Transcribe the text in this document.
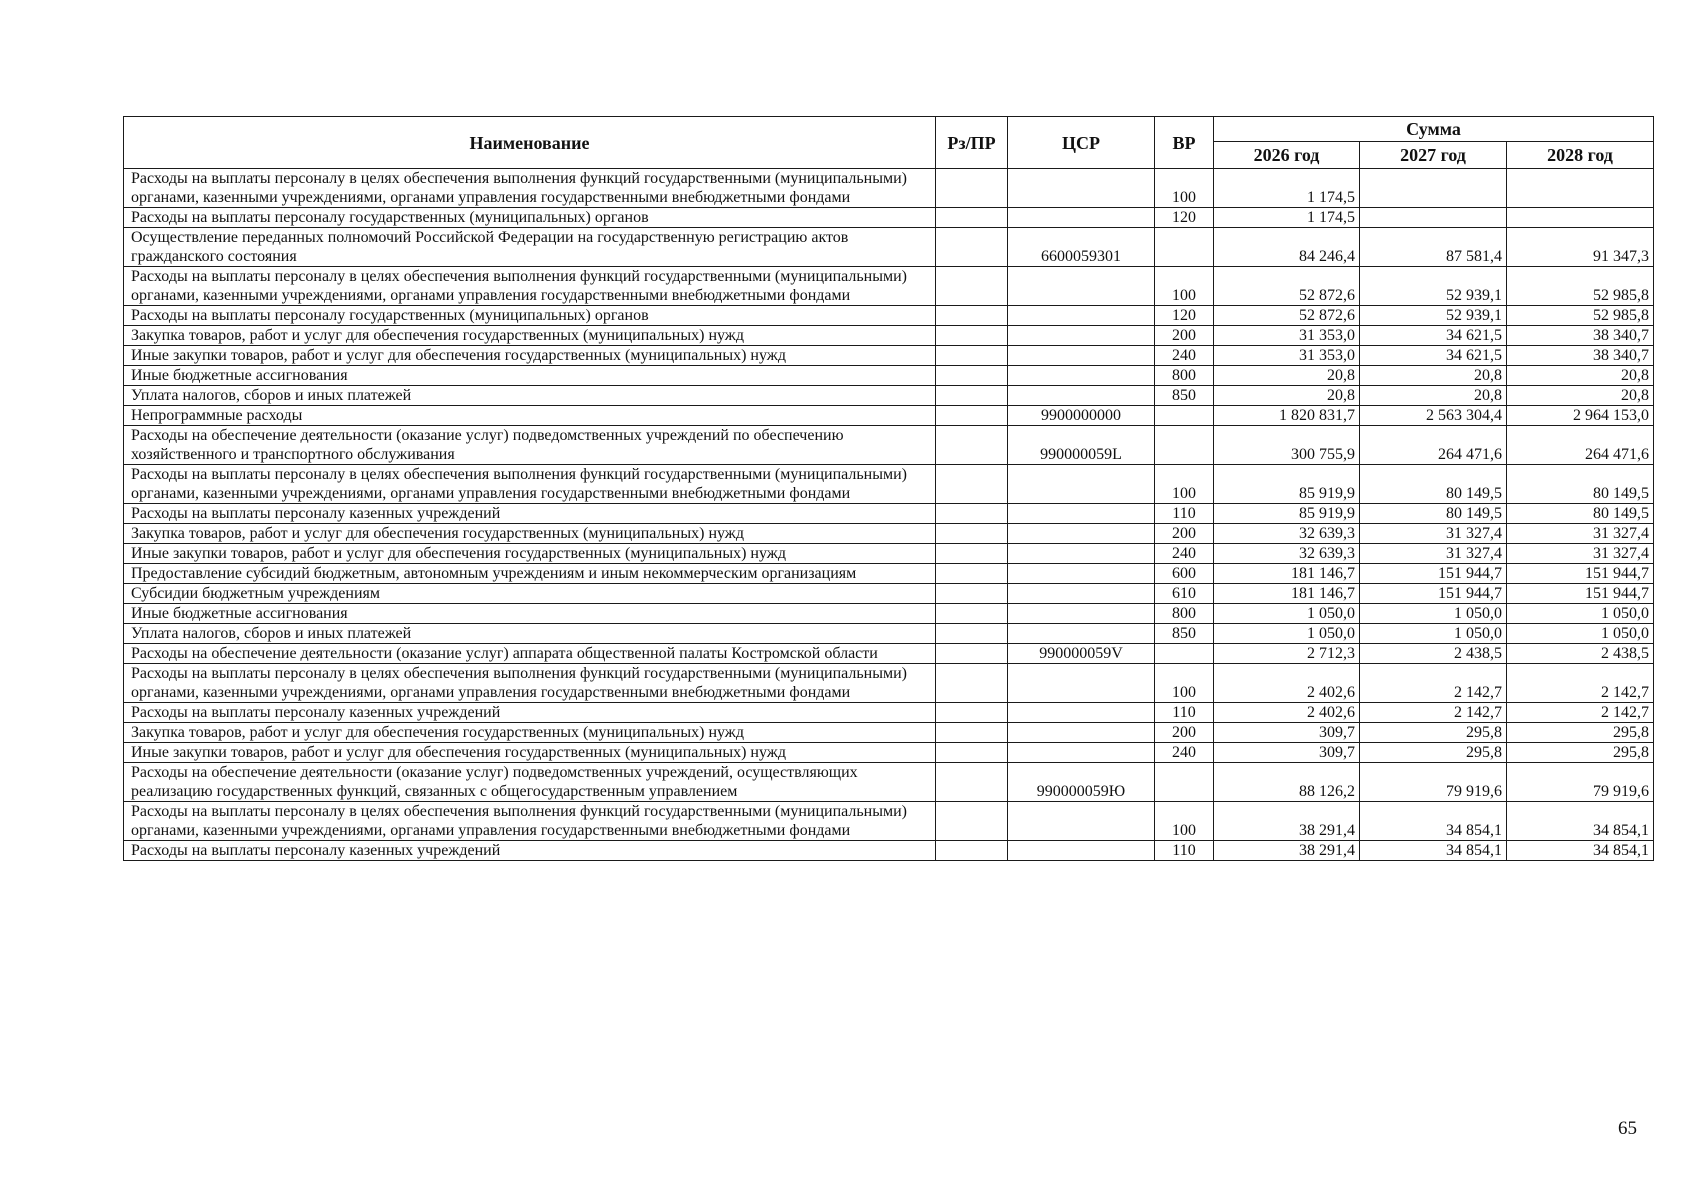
Наименование	Рз/ПР	ЦСР	ВР	Сумма		
				2026 год	2027 год	2028 год
Расходы на выплаты персоналу в целях обеспечения выполнения функций государственными (муниципальными) органами, казенными учреждениями, органами управления государственными внебюджетными фондами			100	1 174,5		
Расходы на выплаты персоналу государственных (муниципальных) органов			120	1 174,5		
Осуществление переданных полномочий Российской Федерации на государственную регистрацию актов гражданского состояния		6600059301		84 246,4	87 581,4	91 347,3
Расходы на выплаты персоналу в целях обеспечения выполнения функций государственными (муниципальными) органами, казенными учреждениями, органами управления государственными внебюджетными фондами			100	52 872,6	52 939,1	52 985,8
Расходы на выплаты персоналу государственных (муниципальных) органов			120	52 872,6	52 939,1	52 985,8
Закупка товаров, работ и услуг для обеспечения государственных (муниципальных) нужд			200	31 353,0	34 621,5	38 340,7
Иные закупки товаров, работ и услуг для обеспечения государственных (муниципальных) нужд			240	31 353,0	34 621,5	38 340,7
Иные бюджетные ассигнования			800	20,8	20,8	20,8
Уплата налогов, сборов и иных платежей			850	20,8	20,8	20,8
Непрограммные расходы		9900000000		1 820 831,7	2 563 304,4	2 964 153,0
Расходы на обеспечение деятельности (оказание услуг) подведомственных учреждений по обеспечению хозяйственного и транспортного обслуживания		990000059L		300 755,9	264 471,6	264 471,6
Расходы на выплаты персоналу в целях обеспечения выполнения функций государственными (муниципальными) органами, казенными учреждениями, органами управления государственными внебюджетными фондами			100	85 919,9	80 149,5	80 149,5
Расходы на выплаты персоналу казенных учреждений			110	85 919,9	80 149,5	80 149,5
Закупка товаров, работ и услуг для обеспечения государственных (муниципальных) нужд			200	32 639,3	31 327,4	31 327,4
Иные закупки товаров, работ и услуг для обеспечения государственных (муниципальных) нужд			240	32 639,3	31 327,4	31 327,4
Предоставление субсидий бюджетным, автономным учреждениям и иным некоммерческим организациям			600	181 146,7	151 944,7	151 944,7
Субсидии бюджетным учреждениям			610	181 146,7	151 944,7	151 944,7
Иные бюджетные ассигнования			800	1 050,0	1 050,0	1 050,0
Уплата налогов, сборов и иных платежей			850	1 050,0	1 050,0	1 050,0
Расходы на обеспечение деятельности (оказание услуг) аппарата общественной палаты Костромской области		990000059V		2 712,3	2 438,5	2 438,5
Расходы на выплаты персоналу в целях обеспечения выполнения функций государственными (муниципальными) органами, казенными учреждениями, органами управления государственными внебюджетными фондами			100	2 402,6	2 142,7	2 142,7
Расходы на выплаты персоналу казенных учреждений			110	2 402,6	2 142,7	2 142,7
Закупка товаров, работ и услуг для обеспечения государственных (муниципальных) нужд			200	309,7	295,8	295,8
Иные закупки товаров, работ и услуг для обеспечения государственных (муниципальных) нужд			240	309,7	295,8	295,8
Расходы на обеспечение деятельности (оказание услуг) подведомственных учреждений, осуществляющих реализацию государственных функций, связанных с общегосударственным управлением		990000059Ю		88 126,2	79 919,6	79 919,6
Расходы на выплаты персоналу в целях обеспечения выполнения функций государственными (муниципальными) органами, казенными учреждениями, органами управления государственными внебюджетными фондами			100	38 291,4	34 854,1	34 854,1
Расходы на выплаты персоналу казенных учреждений			110	38 291,4	34 854,1	34 854,1
65
